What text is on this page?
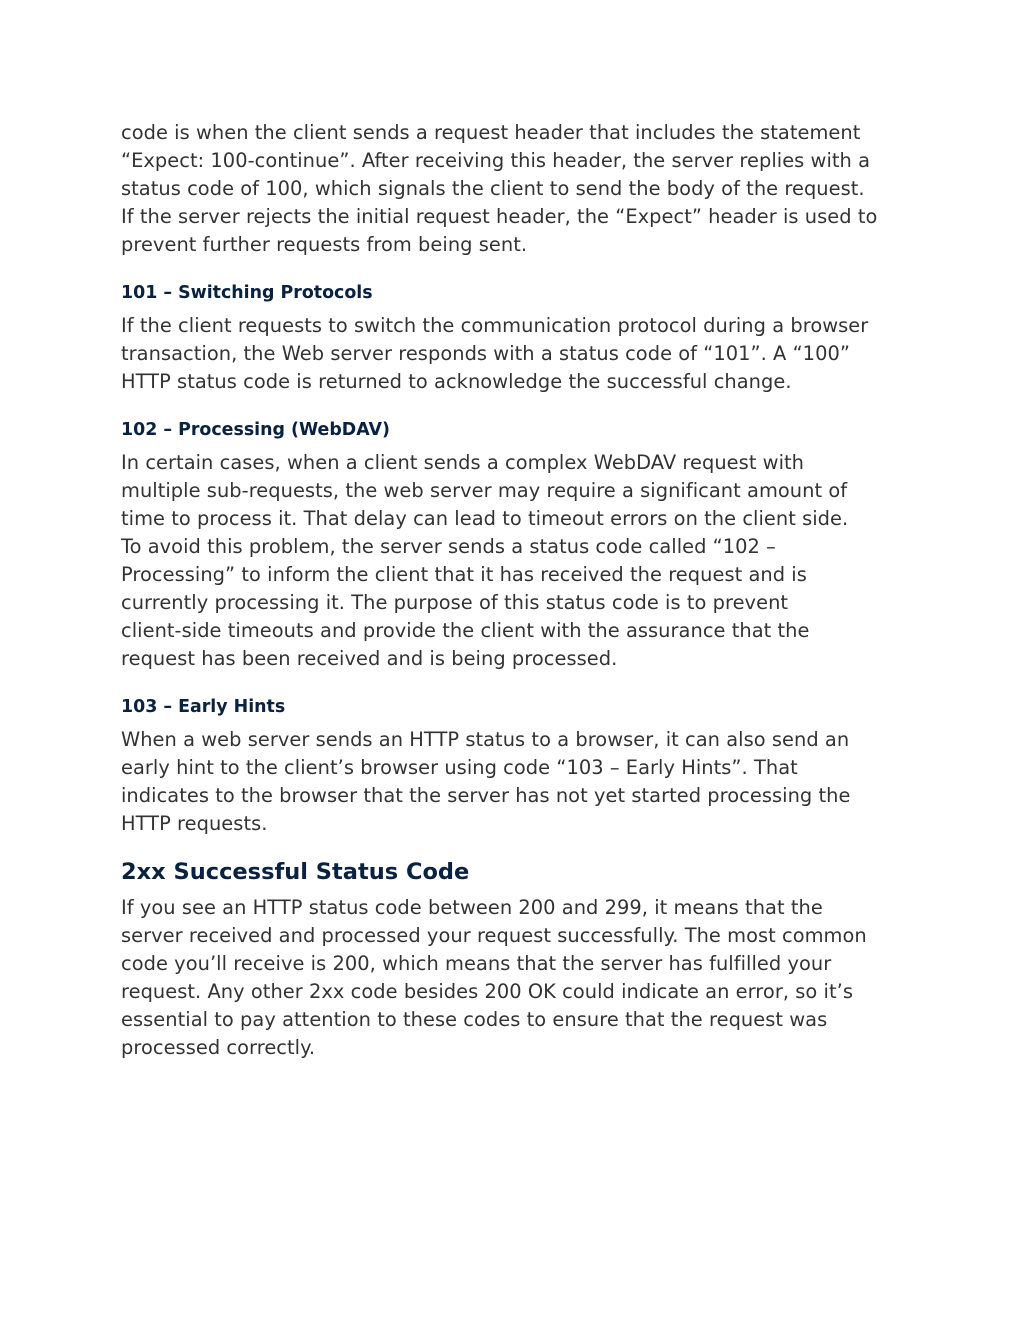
code is when the client sends a request header that includes the statement
“Expect: 100-continue”. After receiving this header, the server replies with a
status code of 100, which signals the client to send the body of the request.
If the server rejects the initial request header, the “Expect” header is used to
prevent further requests from being sent.

101 – Switching Protocols

If the client requests to switch the communication protocol during a browser
transaction, the Web server responds with a status code of “101”. A “100”
HTTP status code is returned to acknowledge the successful change.

102 – Processing (WebDAV)

In certain cases, when a client sends a complex WebDAV request with
multiple sub-requests, the web server may require a significant amount of
time to process it. That delay can lead to timeout errors on the client side.
To avoid this problem, the server sends a status code called “102 –
Processing” to inform the client that it has received the request and is
currently processing it. The purpose of this status code is to prevent
client-side timeouts and provide the client with the assurance that the
request has been received and is being processed.

103 – Early Hints

When a web server sends an HTTP status to a browser, it can also send an
early hint to the client’s browser using code “103 – Early Hints”. That
indicates to the browser that the server has not yet started processing the
HTTP requests.

2xx Successful Status Code

If you see an HTTP status code between 200 and 299, it means that the
server received and processed your request successfully. The most common
code you’ll receive is 200, which means that the server has fulfilled your
request. Any other 2xx code besides 200 OK could indicate an error, so it’s
essential to pay attention to these codes to ensure that the request was
processed correctly.
